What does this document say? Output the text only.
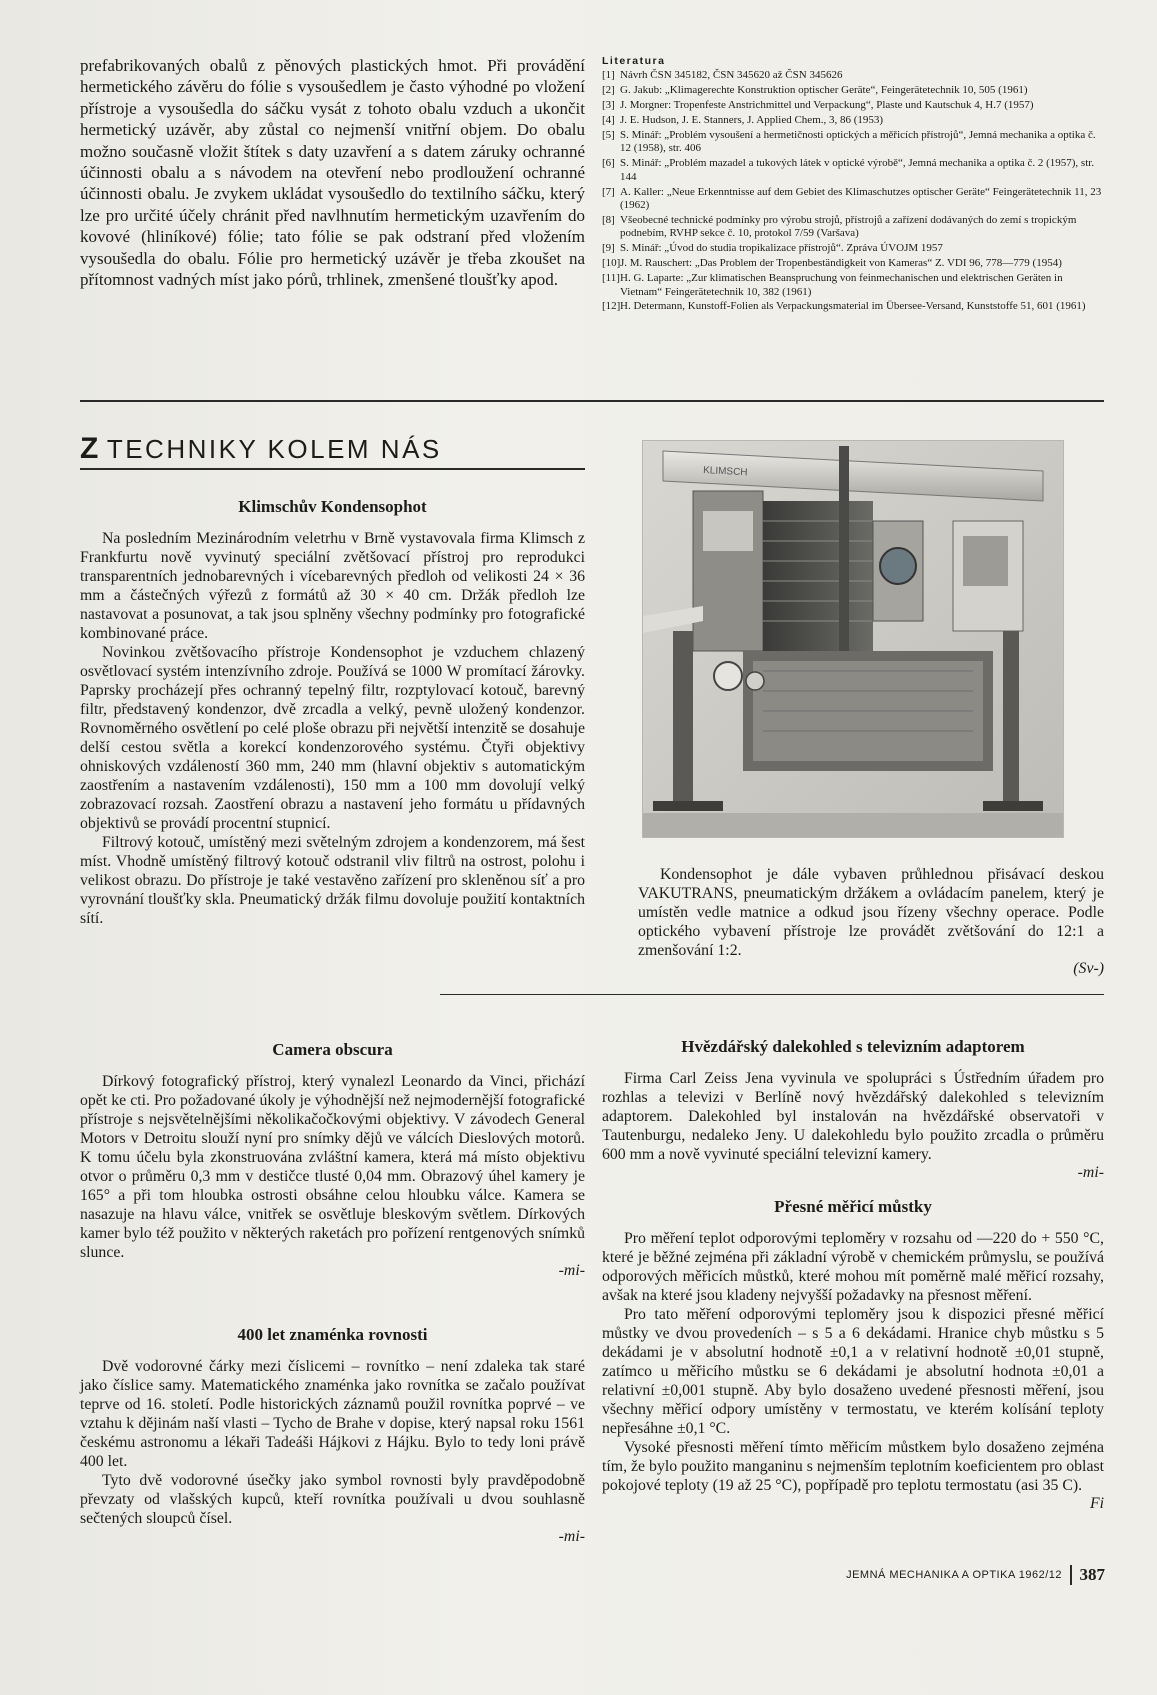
prefabrikovaných obalů z pěnových plastických hmot. Při provádění hermetického závěru do fólie s vysoušedlem je často výhodné po vložení přístroje a vysoušedla do sáčku vysát z tohoto obalu vzduch a ukončit hermetický uzávěr, aby zůstal co nejmenší vnitřní objem. Do obalu možno současně vložit štítek s daty uzavření a s datem záruky ochranné účinnosti obalu a s návodem na otevření nebo prodloužení ochranné účinnosti obalu. Je zvykem ukládat vysoušedlo do textilního sáčku, který lze pro určité účely chránit před navlhnutím hermetickým uzavřením do kovové (hliníkové) fólie; tato fólie se pak odstraní před vložením vysoušedla do obalu. Fólie pro hermetický uzávěr je třeba zkoušet na přítomnost vadných míst jako pórů, trhlinek, zmenšené tloušťky apod.

Literatura
[1] Návrh ČSN 345182, ČSN 345620 až ČSN 345626
[2] G. Jakub: „Klimagerechte Konstruktion optischer Geräte“, Feingerätetechnik 10, 505 (1961)
[3] J. Morgner: Tropenfeste Anstrichmittel und Verpackung“, Plaste und Kautschuk 4, H.7 (1957)
[4] J. E. Hudson, J. E. Stanners, J. Applied Chem., 3, 86 (1953)
[5] S. Minář: „Problém vysoušení a hermetičnosti optických a měřicích přístrojů“, Jemná mechanika a optika č. 12 (1958), str. 406
[6] S. Minář: „Problém mazadel a tukových látek v optické výrobě“, Jemná mechanika a optika č. 2 (1957), str. 144
[7] A. Kaller: „Neue Erkenntnisse auf dem Gebiet des Klimaschutzes optischer Geräte“ Feingerätetechnik 11, 23 (1962)
[8] Všeobecné technické podmínky pro výrobu strojů, přístrojů a zařízení dodávaných do zemí s tropickým podnebím, RVHP sekce č. 10, protokol 7/59 (Varšava)
[9] S. Minář: „Úvod do studia tropikalizace přístrojů“. Zpráva ÚVOJM 1957
[10] J. M. Rauschert: „Das Problem der Tropenbeständigkeit von Kameras“ Z. VDI 96, 778—779 (1954)
[11] H. G. Laparte: „Zur klimatischen Beanspruchung von feinmechanischen und elektrischen Geräten in Vietnam“ Feingerätetechnik 10, 382 (1961)
[12] H. Determann, Kunstoff-Folien als Verpackungsmaterial im Übersee-Versand, Kunststoffe 51, 601 (1961)
Z TECHNIKY KOLEM NÁS
Klimschův Kondensophot

Na posledním Mezinárodním veletrhu v Brně vystavovala firma Klimsch z Frankfurtu nově vyvinutý speciální zvětšovací přístroj pro reprodukci transparentních jednobarevných i vícebarevných předloh od velikosti 24 × 36 mm a částečných výřezů z formátů až 30 × 40 cm. Držák předloh lze nastavovat a posunovat, a tak jsou splněny všechny podmínky pro fotografické kombinované práce.

Novinkou zvětšovacího přístroje Kondensophot je vzduchem chlazený osvětlovací systém intenzívního zdroje. Používá se 1000 W promítací žárovky. Paprsky procházejí přes ochranný tepelný filtr, rozptylovací kotouč, barevný filtr, představený kondenzor, dvě zrcadla a velký, pevně uložený kondenzor. Rovnoměrného osvětlení po celé ploše obrazu při největší intenzitě se dosahuje delší cestou světla a korekcí kondenzorového systému. Čtyři objektivy ohniskových vzdáleností 360 mm, 240 mm (hlavní objektiv s automatickým zaostřením a nastavením vzdálenosti), 150 mm a 100 mm dovolují velký zobrazovací rozsah. Zaostření obrazu a nastavení jeho formátu u přídavných objektivů se provádí procentní stupnicí.

Filtrový kotouč, umístěný mezi světelným zdrojem a kondenzorem, má šest míst. Vhodně umístěný filtrový kotouč odstranil vliv filtrů na ostrost, polohu i velikost obrazu. Do přístroje je také vestavěno zařízení pro skleněnou síť a pro vyrovnání tloušťky skla. Pneumatický držák filmu dovoluje použití kontaktních sítí.

KLIMSCH

Kondensophot je dále vybaven průhlednou přisávací deskou VAKUTRANS, pneumatickým držákem a ovládacím panelem, který je umístěn vedle matnice a odkud jsou řízeny všechny operace. Podle optického vybavení přístroje lze provádět zvětšování do 12:1 a zmenšování 1:2.

(Sv-)
Camera obscura

Dírkový fotografický přístroj, který vynalezl Leonardo da Vinci, přichází opět ke cti. Pro požadované úkoly je výhodnější než nejmodernější fotografické přístroje s nejsvětelnějšími několikačočkovými objektivy. V závodech General Motors v Detroitu slouží nyní pro snímky dějů ve válcích Dieslových motorů. K tomu účelu byla zkonstruována zvláštní kamera, která má místo objektivu otvor o průměru 0,3 mm v destičce tlusté 0,04 mm. Obrazový úhel kamery je 165° a při tom hloubka ostrosti obsáhne celou hloubku válce. Kamera se nasazuje na hlavu válce, vnitřek se osvětluje bleskovým světlem. Dírkových kamer bylo též použito v některých raketách pro pořízení rentgenových snímků slunce.

-mi-
400 let znaménka rovnosti

Dvě vodorovné čárky mezi číslicemi – rovnítko – není zdaleka tak staré jako číslice samy. Matematického znaménka jako rovnítka se začalo používat teprve od 16. století. Podle historických záznamů použil rovnítka poprvé – ve vztahu k dějinám naší vlasti – Tycho de Brahe v dopise, který napsal roku 1561 českému astronomu a lékaři Tadeáši Hájkovi z Hájku. Bylo to tedy loni právě 400 let.

Tyto dvě vodorovné úsečky jako symbol rovnosti byly pravděpodobně převzaty od vlašských kupců, kteří rovnítka používali u dvou souhlasně sečtených sloupců čísel.

-mi-
Hvězdářský dalekohled s televizním adaptorem

Firma Carl Zeiss Jena vyvinula ve spolupráci s Ústředním úřadem pro rozhlas a televizi v Berlíně nový hvězdářský dalekohled s televizním adaptorem. Dalekohled byl instalován na hvězdářské observatoři v Tautenburgu, nedaleko Jeny. U dalekohledu bylo použito zrcadla o průměru 600 mm a nově vyvinuté speciální televizní kamery.

-mi-
Přesné měřicí můstky

Pro měření teplot odporovými teploměry v rozsahu od —220 do + 550 °C, které je běžné zejména při základní výrobě v chemickém průmyslu, se používá odporových měřicích můstků, které mohou mít poměrně malé měřicí rozsahy, avšak na které jsou kladeny nejvyšší požadavky na přesnost měření.

Pro tato měření odporovými teploměry jsou k dispozici přesné měřicí můstky ve dvou provedeních – s 5 a 6 dekádami. Hranice chyb můstku s 5 dekádami je v absolutní hodnotě ±0,1 a v relativní hodnotě ±0,01 stupně, zatímco u měřicího můstku se 6 dekádami je absolutní hodnota ±0,01 a relativní ±0,001 stupně. Aby bylo dosaženo uvedené přesnosti měření, jsou všechny měřicí odpory umístěny v termostatu, ve kterém kolísání teploty nepřesáhne ±0,1 °C.

Vysoké přesnosti měření tímto měřicím můstkem bylo dosaženo zejména tím, že bylo použito manganinu s nejmenším teplotním koeficientem pro oblast pokojové teploty (19 až 25 °C), popřípadě pro teplotu termostatu (asi 35 C).

Fi
JEMNÁ MECHANIKA A OPTIKA 1962/12 387
